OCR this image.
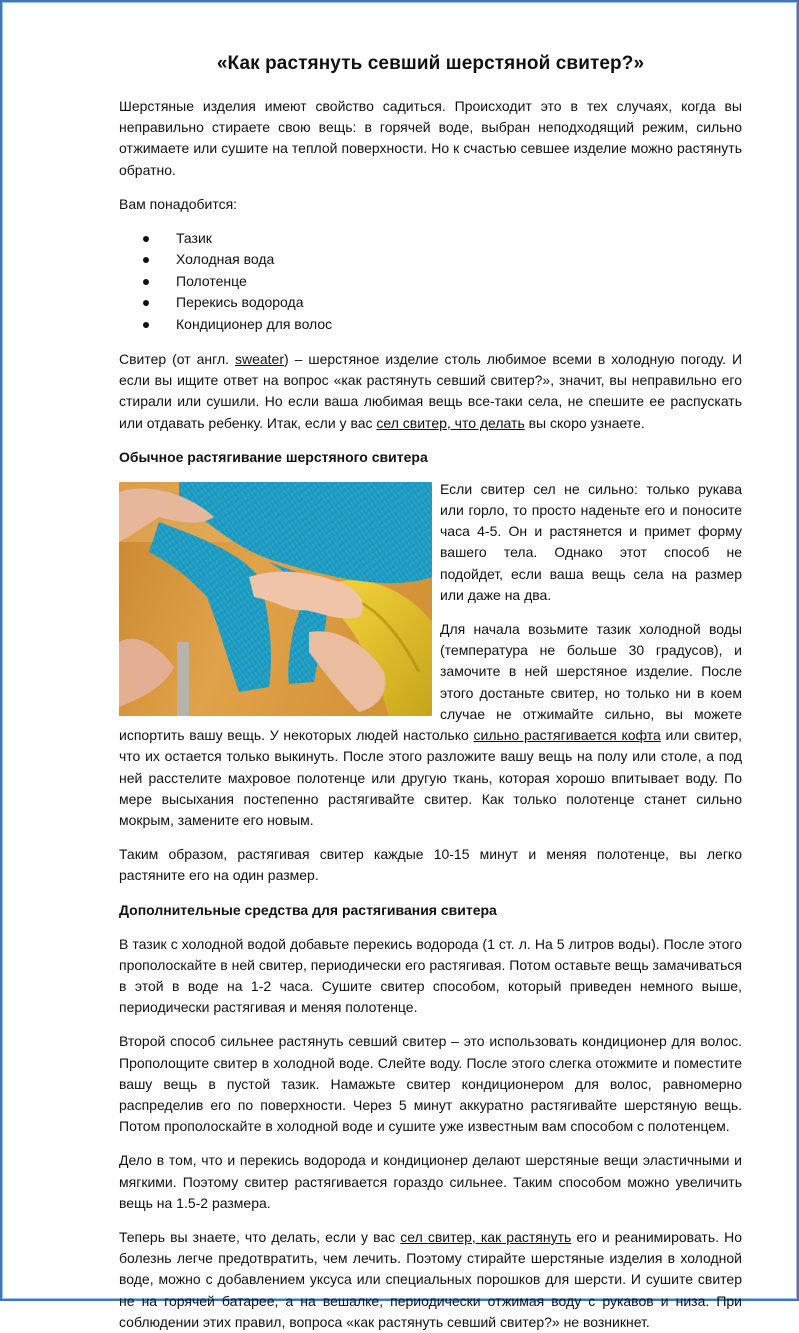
«Как растянуть севший шерстяной свитер?»

Шерстяные изделия имеют свойство садиться. Происходит это в тех случаях, когда вы неправильно стираете свою вещь: в горячей воде, выбран неподходящий режим, сильно отжимаете или сушите на теплой поверхности. Но к счастью севшее изделие можно растянуть обратно.

Вам понадобится:

Тазик
Холодная вода
Полотенце
Перекись водорода
Кондиционер для волос

Свитер (от англ. sweater) – шерстяное изделие столь любимое всеми в холодную погоду. И если вы ищите ответ на вопрос «как растянуть севший свитер?», значит, вы неправильно его стирали или сушили. Но если ваша любимая вещь все-таки села, не спешите ее распускать или отдавать ребенку. Итак, если у вас сел свитер, что делать вы скоро узнаете.

Обычное растягивание шерстяного свитера

Если свитер сел не сильно: только рукава или горло, то просто наденьте его и поносите часа 4-5. Он и растянется и примет форму вашего тела. Однако этот способ не подойдет, если ваша вещь села на размер или даже на два.

Для начала возьмите тазик холодной воды (температура не больше 30 градусов), и замочите в ней шерстяное изделие. После этого достаньте свитер, но только ни в коем случае не отжимайте сильно, вы можете испортить вашу вещь. У некоторых людей настолько сильно растягивается кофта или свитер, что их остается только выкинуть. После этого разложите вашу вещь на полу или столе, а под ней расстелите махровое полотенце или другую ткань, которая хорошо впитывает воду. По мере высыхания постепенно растягивайте свитер. Как только полотенце станет сильно мокрым, замените его новым.

Таким образом, растягивая свитер каждые 10-15 минут и меняя полотенце, вы легко растяните его на один размер.

Дополнительные средства для растягивания свитера

В тазик с холодной водой добавьте перекись водорода (1 ст. л. На 5 литров воды). После этого прополоскайте в ней свитер, периодически его растягивая. Потом оставьте вещь замачиваться в этой в воде на 1-2 часа. Сушите свитер способом, который приведен немного выше, периодически растягивая и меняя полотенце.

Второй способ сильнее растянуть севший свитер – это использовать кондиционер для волос. Прополощите свитер в холодной воде. Слейте воду. После этого слегка отожмите и поместите вашу вещь в пустой тазик. Намажьте свитер кондиционером для волос, равномерно распределив его по поверхности. Через 5 минут аккуратно растягивайте шерстяную вещь. Потом прополоскайте в холодной воде и сушите уже известным вам способом с полотенцем.

Дело в том, что и перекись водорода и кондиционер делают шерстяные вещи эластичными и мягкими. Поэтому свитер растягивается гораздо сильнее. Таким способом можно увеличить вещь на 1.5-2 размера.

Теперь вы знаете, что делать, если у вас сел свитер, как растянуть его и реанимировать. Но болезнь легче предотвратить, чем лечить. Поэтому стирайте шерстяные изделия в холодной воде, можно с добавлением уксуса или специальных порошков для шерсти. И сушите свитер не на горячей батарее, а на вешалке, периодически отжимая воду с рукавов и низа. При соблюдении этих правил, вопроса «как растянуть севший свитер?» не возникнет.
